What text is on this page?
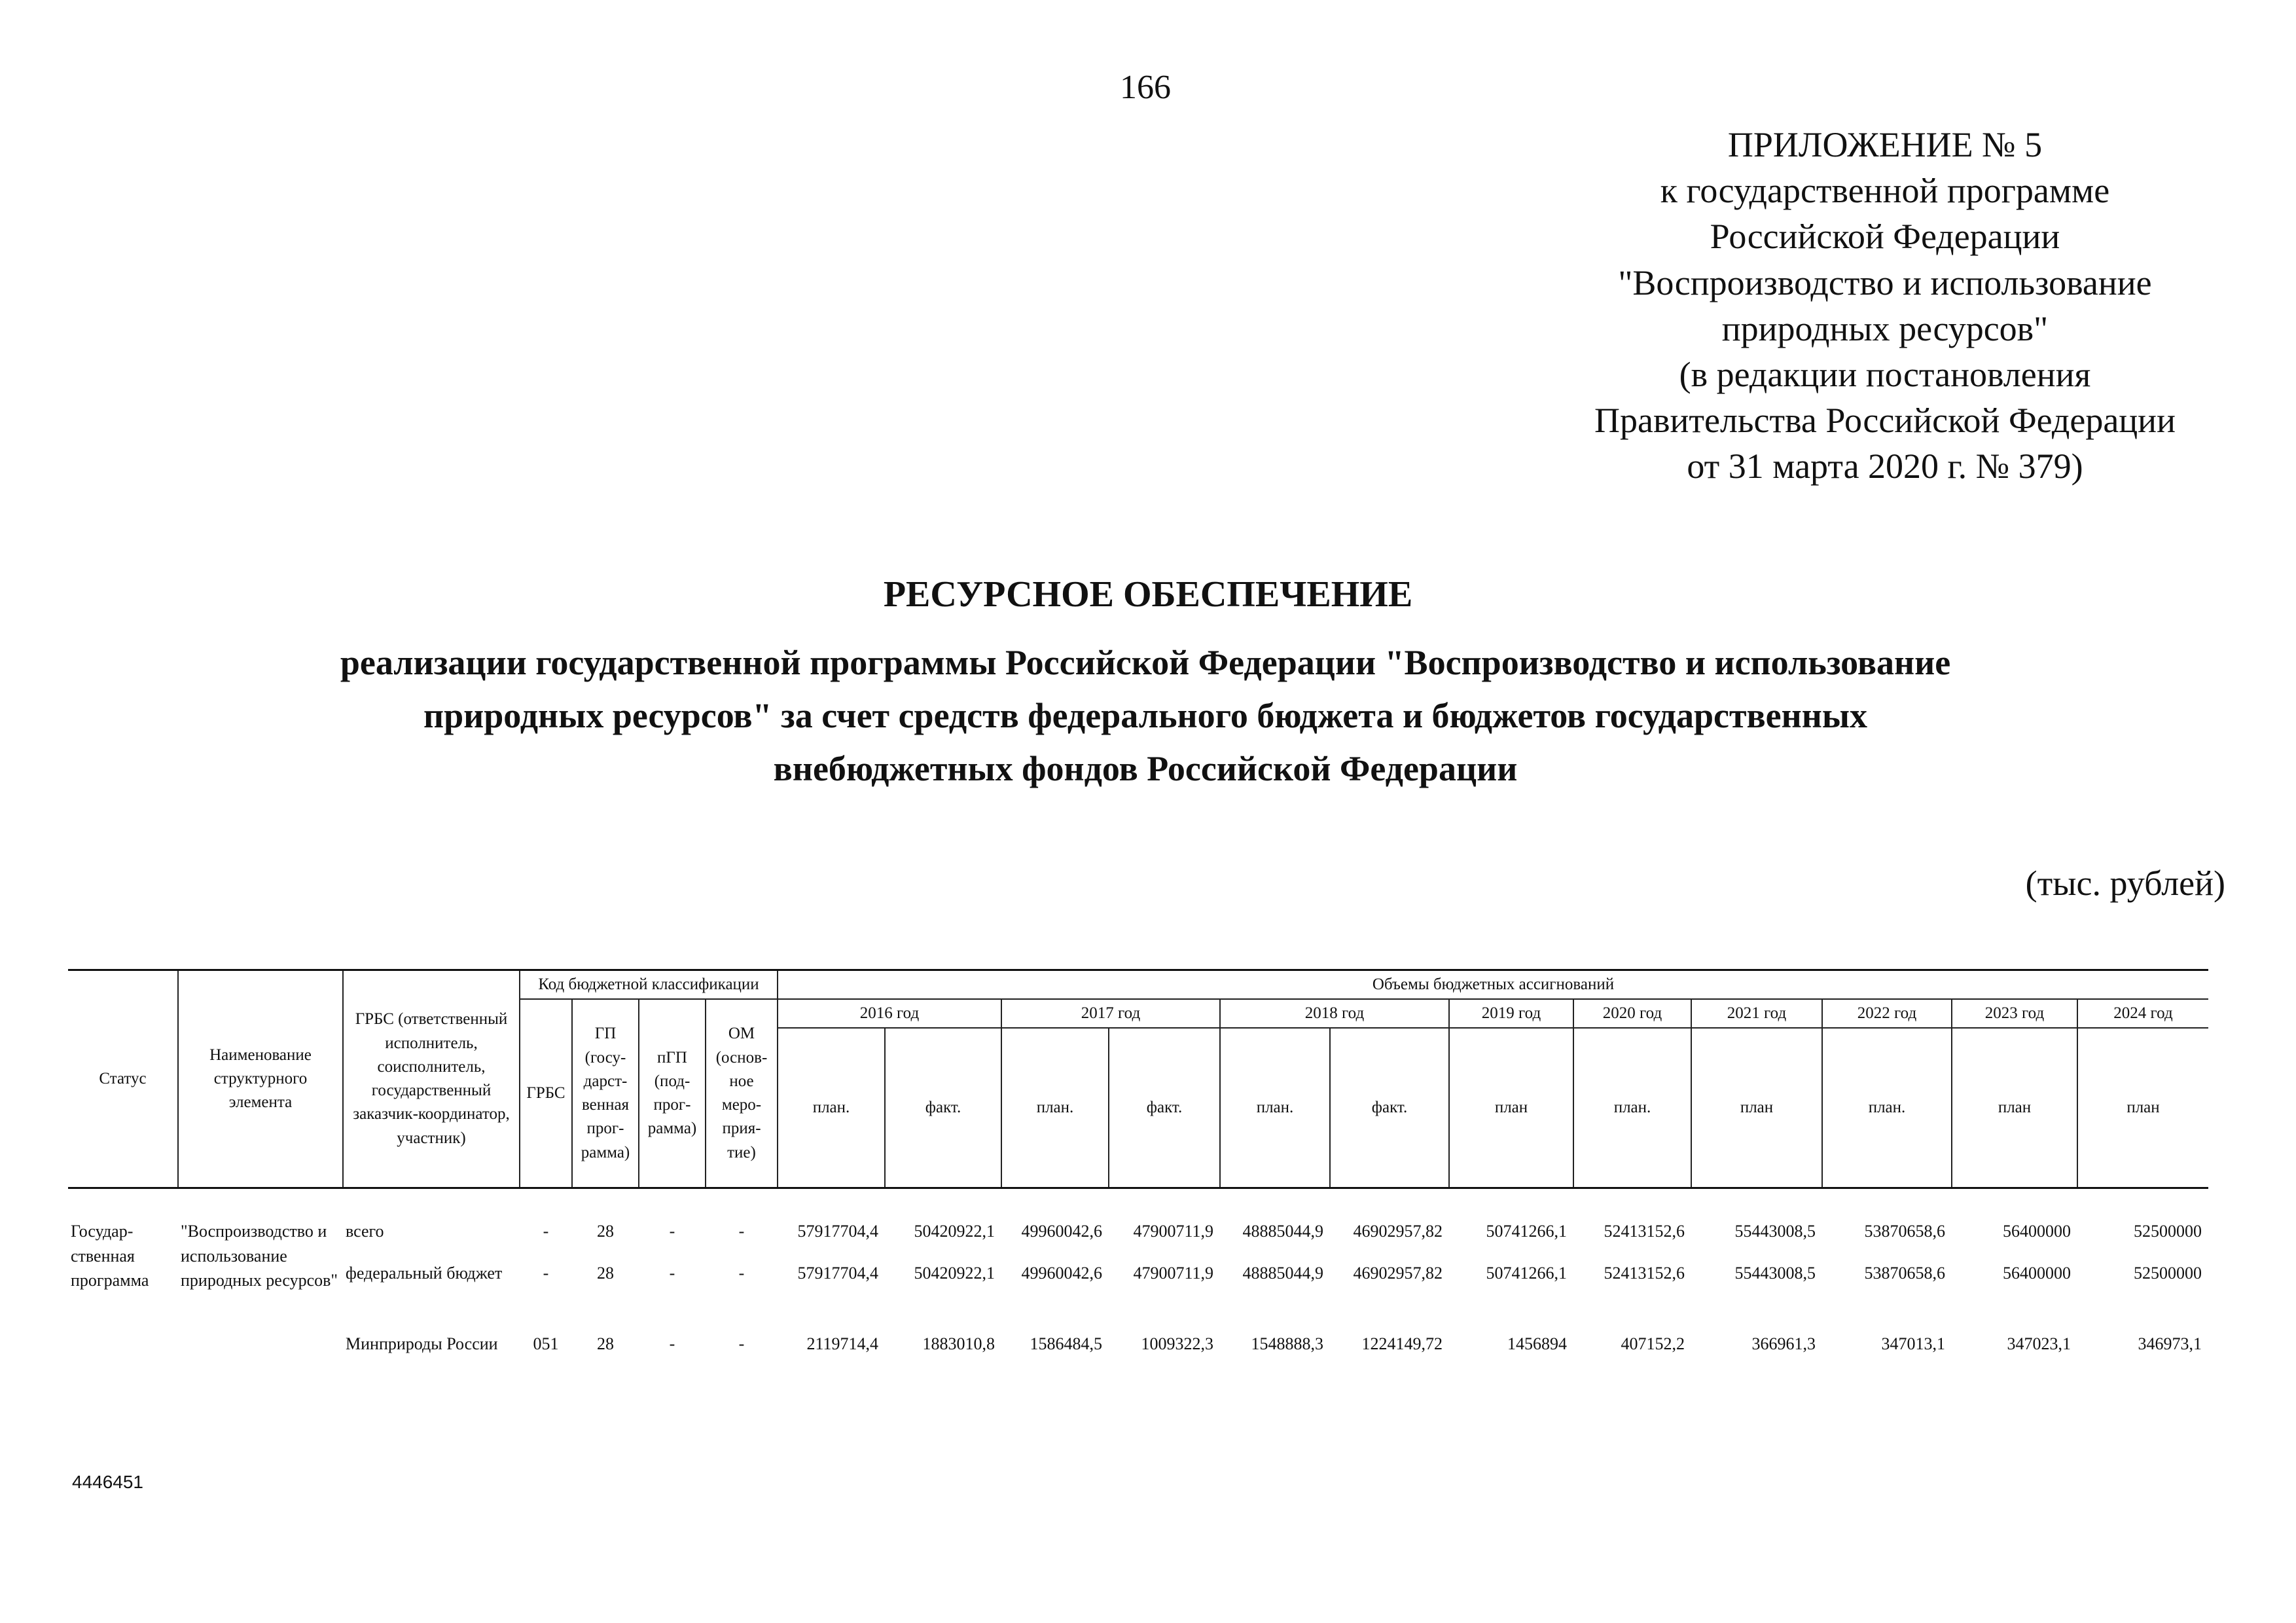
166
ПРИЛОЖЕНИЕ № 5
к государственной программе
Российской Федерации
"Воспроизводство и использование
природных ресурсов"
(в редакции постановления
Правительства Российской Федерации
от 31 марта 2020 г. № 379)
РЕСУРСНОЕ ОБЕСПЕЧЕНИЕ
реализации государственной программы Российской Федерации "Воспроизводство и использование
природных ресурсов" за счет средств федерального бюджета и бюджетов государственных
внебюджетных фондов Российской Федерации
(тыс. рублей)
Статус	Наименование структурного элемента	ГРБС (ответственный исполнитель, соисполнитель, государственный заказчик-координатор, участник)	Код бюджетной классификации				Объемы бюджетных ассигнований											
			ГРБС	ГП (госу-дарст-венная прог-рамма)	пГП (под-прог-рамма)	ОМ (основ-ное меро-прия-тие)	2016 год		2017 год		2018 год		2019 год	2020 год	2021 год	2022 год	2023 год	2024 год
							план.	факт.	план.	факт.	план.	факт.	план	план.	план	план.	план	план

Государ-ственная программа	"Воспроизводство и использование природных ресурсов"	всего	-	28	-	-	57917704,4	50420922,1	49960042,6	47900711,9	48885044,9	46902957,82	50741266,1	52413152,6	55443008,5	53870658,6	56400000	52500000
		федеральный бюджет	-	28	-	-	57917704,4	50420922,1	49960042,6	47900711,9	48885044,9	46902957,82	50741266,1	52413152,6	55443008,5	53870658,6	56400000	52500000
		Минприроды России	051	28	-	-	2119714,4	1883010,8	1586484,5	1009322,3	1548888,3	1224149,72	1456894	407152,2	366961,3	347013,1	347023,1	346973,1
4446451
